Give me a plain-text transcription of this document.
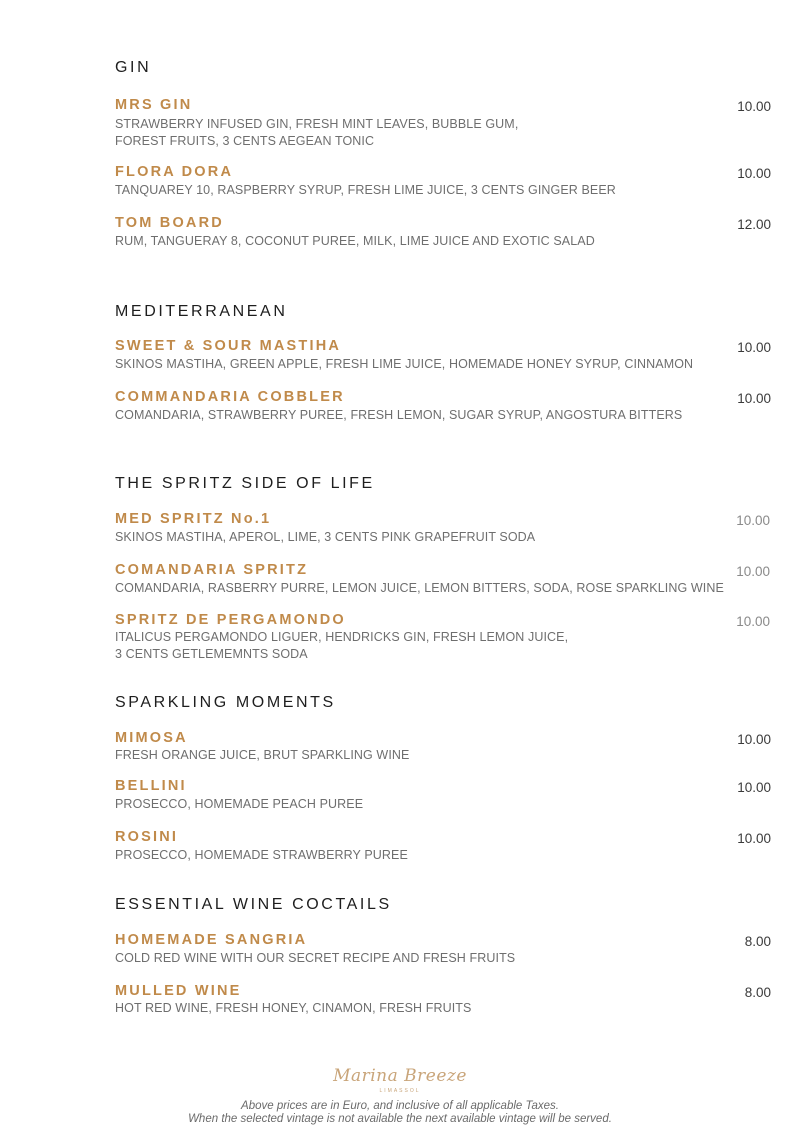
GIN
MRS GIN	10.00
STRAWBERRY INFUSED GIN, FRESH MINT LEAVES, BUBBLE GUM,
FOREST FRUITS, 3 CENTS AEGEAN TONIC
FLORA DORA	10.00
TANQUAREY 10, RASPBERRY SYRUP, FRESH LIME JUICE, 3 CENTS GINGER BEER
TOM BOARD	12.00
RUM, TANGUERAY 8, COCONUT PUREE, MILK, LIME JUICE AND EXOTIC SALAD
MEDITERRANEAN
SWEET & SOUR MASTIHA	10.00
SKINOS MASTIHA, GREEN APPLE, FRESH LIME JUICE, HOMEMADE HONEY SYRUP, CINNAMON
COMMANDARIA COBBLER	10.00
COMANDARIA, STRAWBERRY PUREE, FRESH LEMON, SUGAR SYRUP, ANGOSTURA BITTERS
THE SPRITZ SIDE OF LIFE
MED SPRITZ No.1	10.00
SKINOS MASTIHA, APEROL, LIME, 3 CENTS PINK GRAPEFRUIT SODA
COMANDARIA SPRITZ	10.00
COMANDARIA, RASBERRY PURRE, LEMON JUICE, LEMON BITTERS, SODA, ROSE SPARKLING WINE
SPRITZ DE PERGAMONDO	10.00
ITALICUS PERGAMONDO LIGUER, HENDRICKS GIN, FRESH LEMON JUICE,
3 CENTS GETLEMEMNTS SODA
SPARKLING MOMENTS
MIMOSA	10.00
FRESH ORANGE JUICE, BRUT SPARKLING WINE
BELLINI	10.00
PROSECCO, HOMEMADE PEACH PUREE
ROSINI	10.00
PROSECCO, HOMEMADE STRAWBERRY PUREE
ESSENTIAL WINE COCTAILS
HOMEMADE SANGRIA	8.00
COLD RED WINE WITH OUR SECRET RECIPE AND FRESH FRUITS
MULLED WINE	8.00
HOT RED WINE, FRESH HONEY, CINAMON, FRESH FRUITS
Marina Breeze
LIMASSOL
Above prices are in Euro, and inclusive of all applicable Taxes.
When the selected vintage is not available the next available vintage will be served.
